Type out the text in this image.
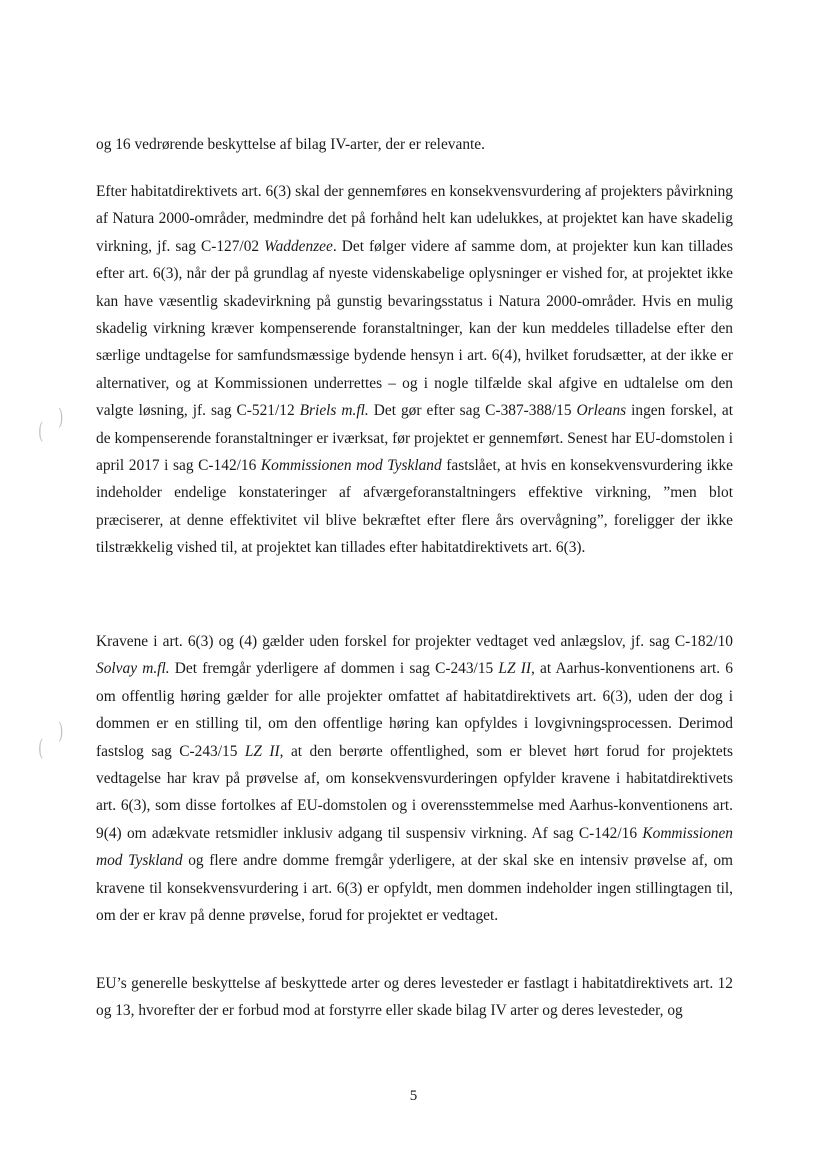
og 16 vedrørende beskyttelse af bilag IV-arter, der er relevante.

Efter habitatdirektivets art. 6(3) skal der gennemføres en konsekvensvurdering af projekters påvirkning af Natura 2000-områder, medmindre det på forhånd helt kan udelukkes, at projektet kan have skadelig virkning, jf. sag C-127/02 Waddenzee. Det følger videre af samme dom, at projekter kun kan tillades efter art. 6(3), når der på grundlag af nyeste videnskabelige oplysninger er vished for, at projektet ikke kan have væsentlig skadevirkning på gunstig bevaringsstatus i Natura 2000-områder. Hvis en mulig skadelig virkning kræver kompenserende foranstaltninger, kan der kun meddeles tilladelse efter den særlige undtagelse for samfundsmæssige bydende hensyn i art. 6(4), hvilket forudsætter, at der ikke er alternativer, og at Kommissionen underrettes – og i nogle tilfælde skal afgive en udtalelse om den valgte løsning, jf. sag C-521/12 Briels m.fl. Det gør efter sag C-387-388/15 Orleans ingen forskel, at de kompenserende foranstaltninger er iværksat, før projektet er gennemført. Senest har EU-domstolen i april 2017 i sag C-142/16 Kommissionen mod Tyskland fastslået, at hvis en konsekvensvurdering ikke indeholder endelige konstateringer af afværgeforanstaltningers effektive virkning, ”men blot præciserer, at denne effektivitet vil blive bekræftet efter flere års overvågning”, foreligger der ikke tilstrækkelig vished til, at projektet kan tillades efter habitatdirektivets art. 6(3).

Kravene i art. 6(3) og (4) gælder uden forskel for projekter vedtaget ved anlægslov, jf. sag C-182/10 Solvay m.fl. Det fremgår yderligere af dommen i sag C-243/15 LZ II, at Aarhus-konventionens art. 6 om offentlig høring gælder for alle projekter omfattet af habitatdirektivets art. 6(3), uden der dog i dommen er en stilling til, om den offentlige høring kan opfyldes i lovgivningsprocessen. Derimod fastslog sag C-243/15 LZ II, at den berørte offentlighed, som er blevet hørt forud for projektets vedtagelse har krav på prøvelse af, om konsekvensvurderingen opfylder kravene i habitatdirektivets art. 6(3), som disse fortolkes af EU-domstolen og i overensstemmelse med Aarhus-konventionens art. 9(4) om adækvate retsmidler inklusiv adgang til suspensiv virkning. Af sag C-142/16 Kommissionen mod Tyskland og flere andre domme fremgår yderligere, at der skal ske en intensiv prøvelse af, om kravene til konsekvensvurdering i art. 6(3) er opfyldt, men dommen indeholder ingen stillingtagen til, om der er krav på denne prøvelse, forud for projektet er vedtaget.

EU’s generelle beskyttelse af beskyttede arter og deres levesteder er fastlagt i habitatdirektivets art. 12 og 13, hvorefter der er forbud mod at forstyrre eller skade bilag IV arter og deres levesteder, og

5
)
(
)
(
